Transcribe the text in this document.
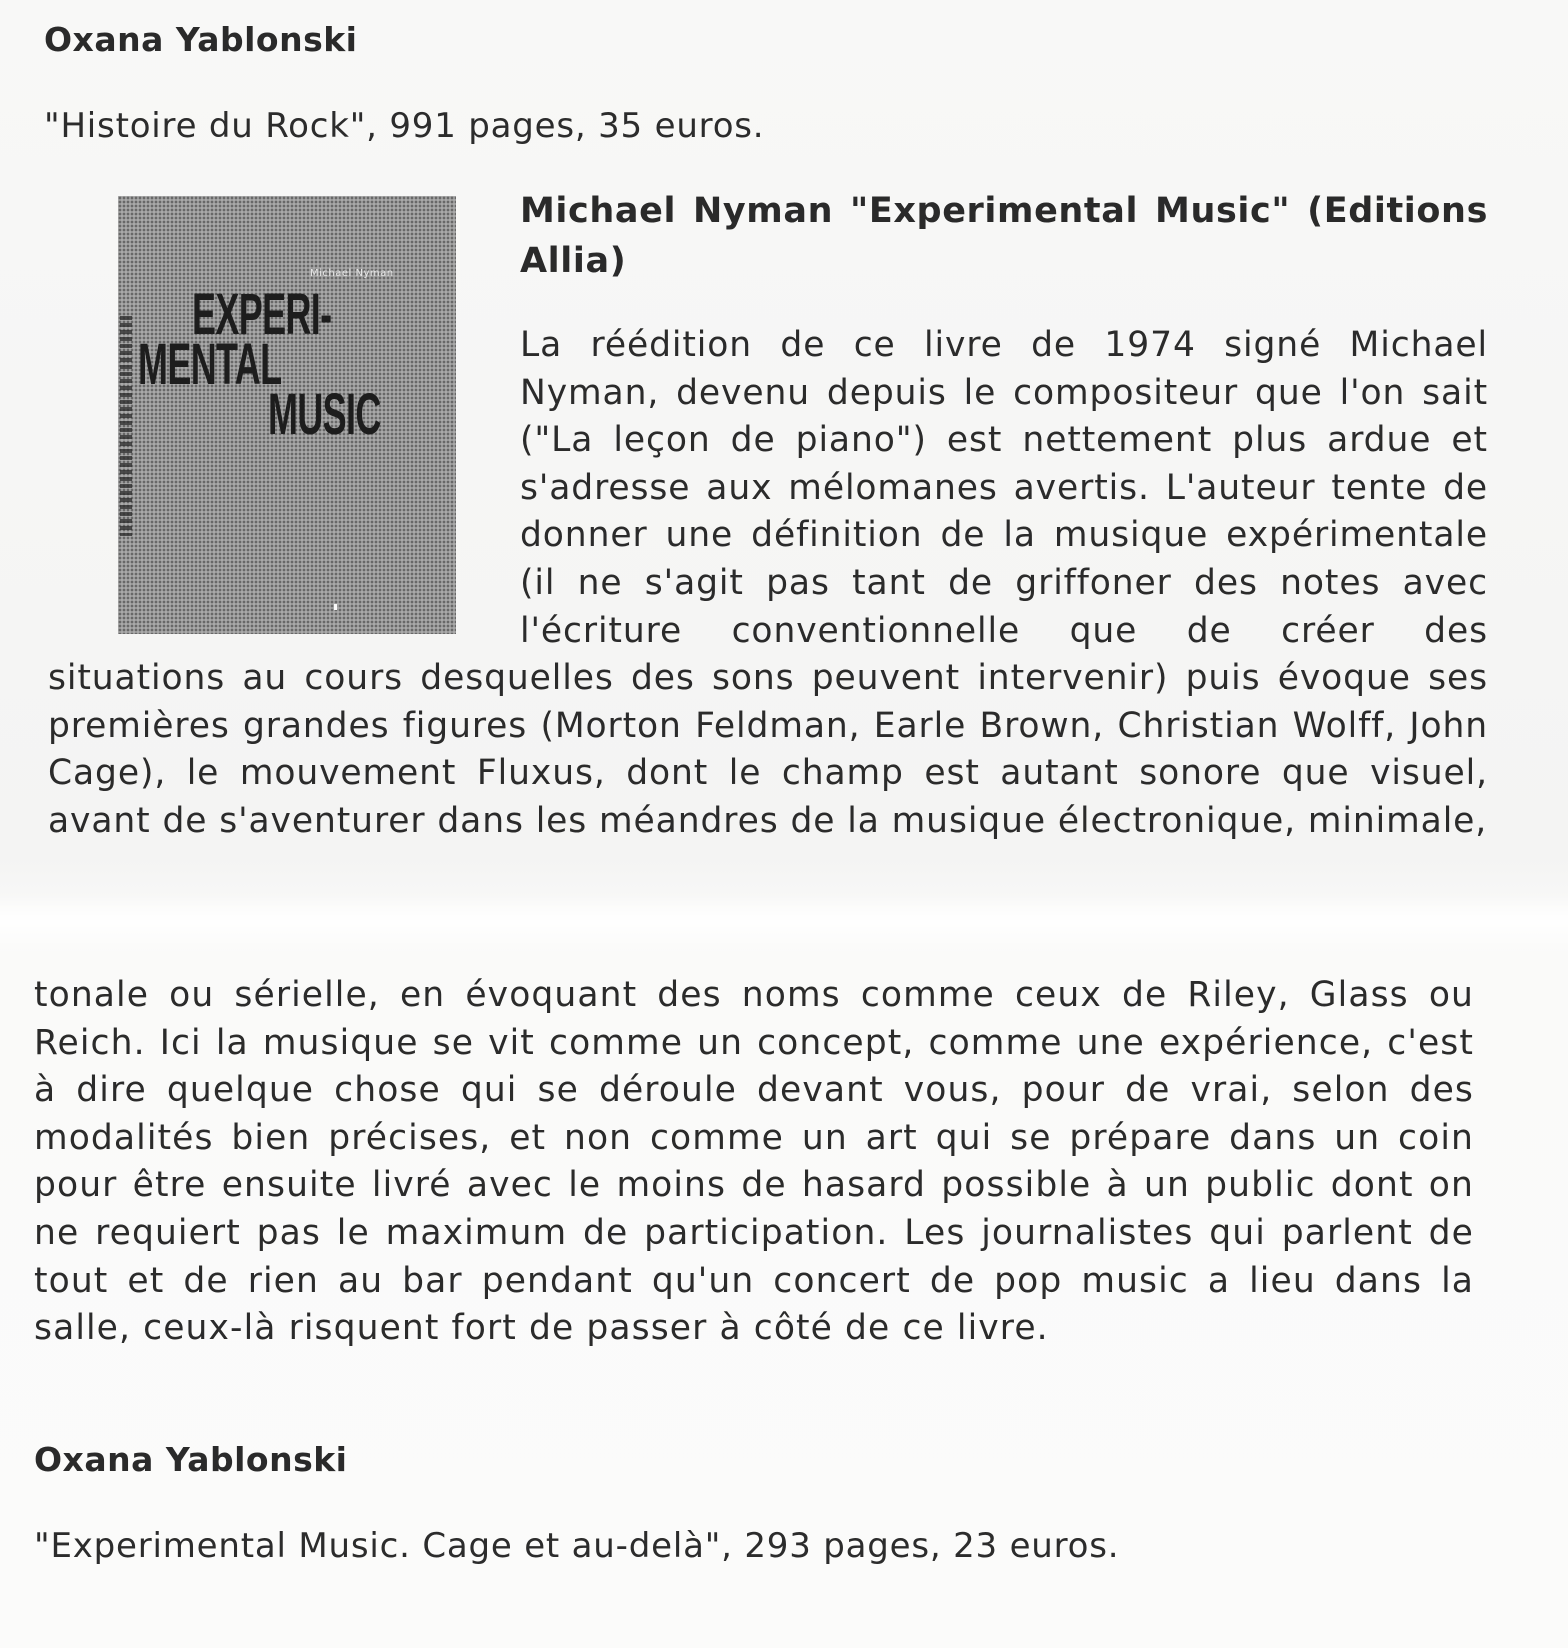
Oxana Yablonski
"Histoire du Rock", 991 pages, 35 euros.
Michael Nyman
EXPERI-
MENTAL
MUSIC
Michael Nyman "Experimental Music" (Editions Allia)
La réédition de ce livre de 1974 signé Michael Nyman, devenu depuis le compositeur que l'on sait ("La leçon de piano") est nettement plus ardue et s'adresse aux mélomanes avertis. L'auteur tente de donner une définition de la musique expérimentale (il ne s'agit pas tant de griffoner des notes avec l'écriture conventionnelle que de créer des situations au cours desquelles des sons peuvent intervenir) puis évoque ses premières grandes figures (Morton Feldman, Earle Brown, Christian Wolff, John Cage), le mouvement Fluxus, dont le champ est autant sonore que visuel, avant de s'aventurer dans les méandres de la musique électronique, minimale,
tonale ou sérielle, en évoquant des noms comme ceux de Riley, Glass ou Reich. Ici la musique se vit comme un concept, comme une expérience, c'est à dire quelque chose qui se déroule devant vous, pour de vrai, selon des modalités bien précises, et non comme un art qui se prépare dans un coin pour être ensuite livré avec le moins de hasard possible à un public dont on ne requiert pas le maximum de participation. Les journalistes qui parlent de tout et de rien au bar pendant qu'un concert de pop music a lieu dans la salle, ceux-là risquent fort de passer à côté de ce livre.
Oxana Yablonski
"Experimental Music. Cage et au-delà", 293 pages, 23 euros.
